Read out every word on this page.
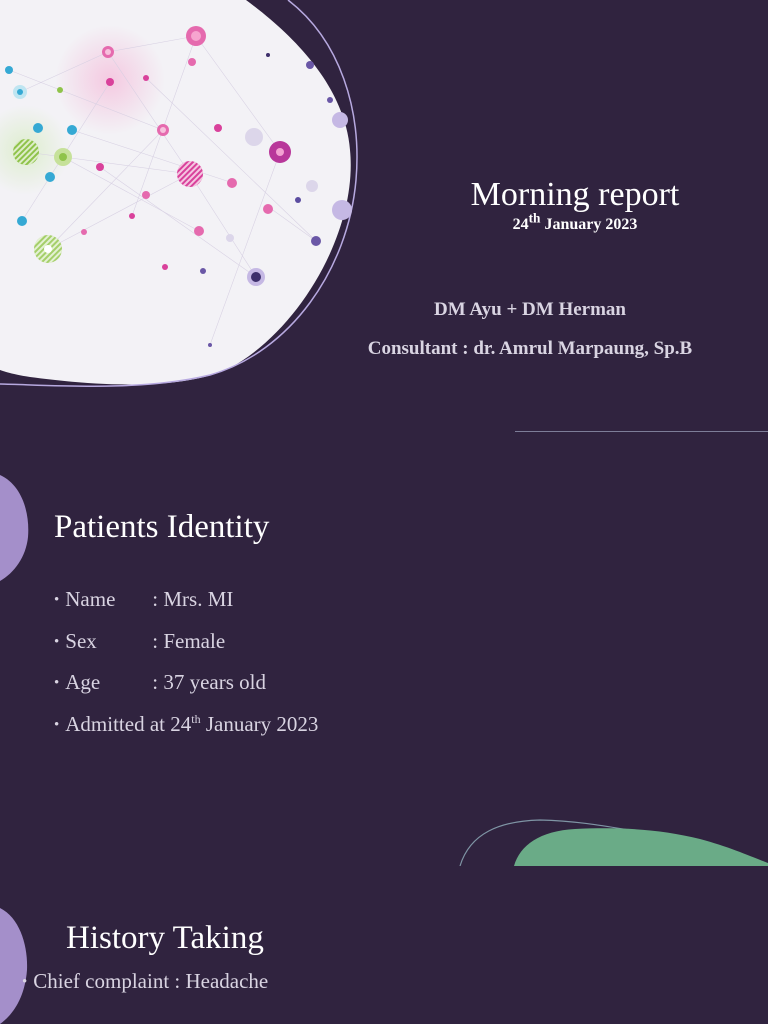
Morning report
24th January 2023
DM Ayu + DM Herman
Consultant : dr. Amrul Marpaung, Sp.B
Patients Identity
• Name : Mrs. MI
• Sex	: Female
• Age : 37 years old
• Admitted at 24th January 2023
History Taking
• Chief complaint : Headache
